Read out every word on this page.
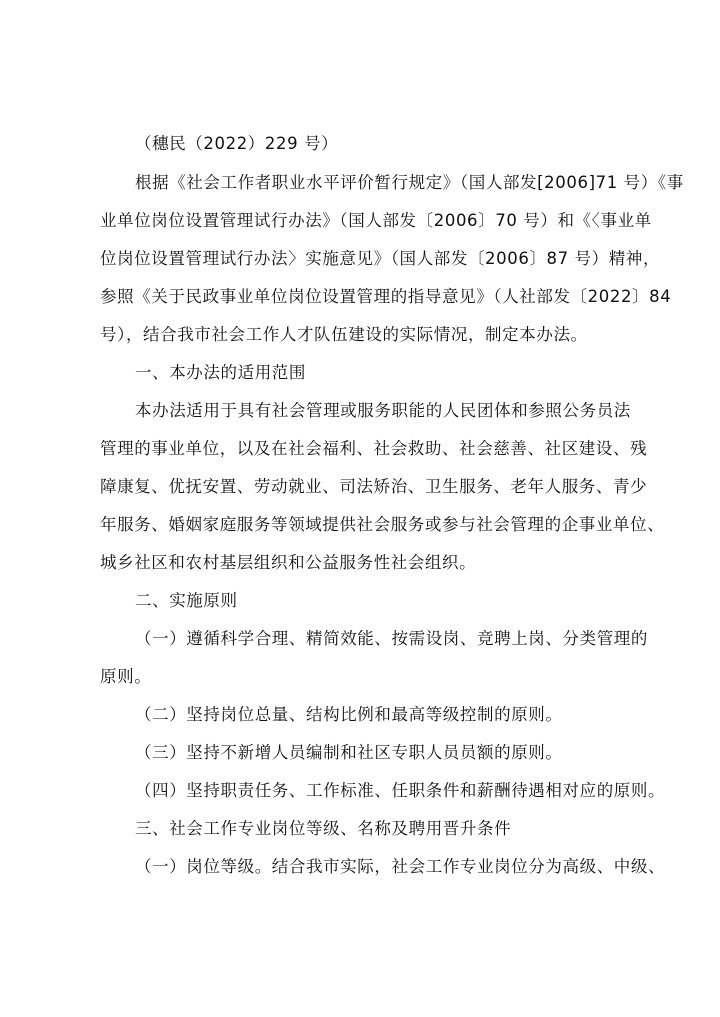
（穗民（2022）229 号）
根据《社会工作者职业水平评价暂行规定》（国人部发[2006]71 号）《事
业单位岗位设置管理试行办法》（国人部发〔2006〕70 号）和《〈事业单
位岗位设置管理试行办法〉实施意见》（国人部发〔2006〕87 号）精神，
参照《关于民政事业单位岗位设置管理的指导意见》（人社部发〔2022〕84
号），结合我市社会工作人才队伍建设的实际情况，制定本办法。
一、本办法的适用范围
本办法适用于具有社会管理或服务职能的人民团体和参照公务员法
管理的事业单位，以及在社会福利、社会救助、社会慈善、社区建设、残
障康复、优抚安置、劳动就业、司法矫治、卫生服务、老年人服务、青少
年服务、婚姻家庭服务等领域提供社会服务或参与社会管理的企事业单位、
城乡社区和农村基层组织和公益服务性社会组织。
二、实施原则
（一）遵循科学合理、精简效能、按需设岗、竞聘上岗、分类管理的
原则。
（二）坚持岗位总量、结构比例和最高等级控制的原则。
（三）坚持不新增人员编制和社区专职人员员额的原则。
（四）坚持职责任务、工作标准、任职条件和薪酬待遇相对应的原则。
三、社会工作专业岗位等级、名称及聘用晋升条件
（一）岗位等级。结合我市实际，社会工作专业岗位分为高级、中级、
